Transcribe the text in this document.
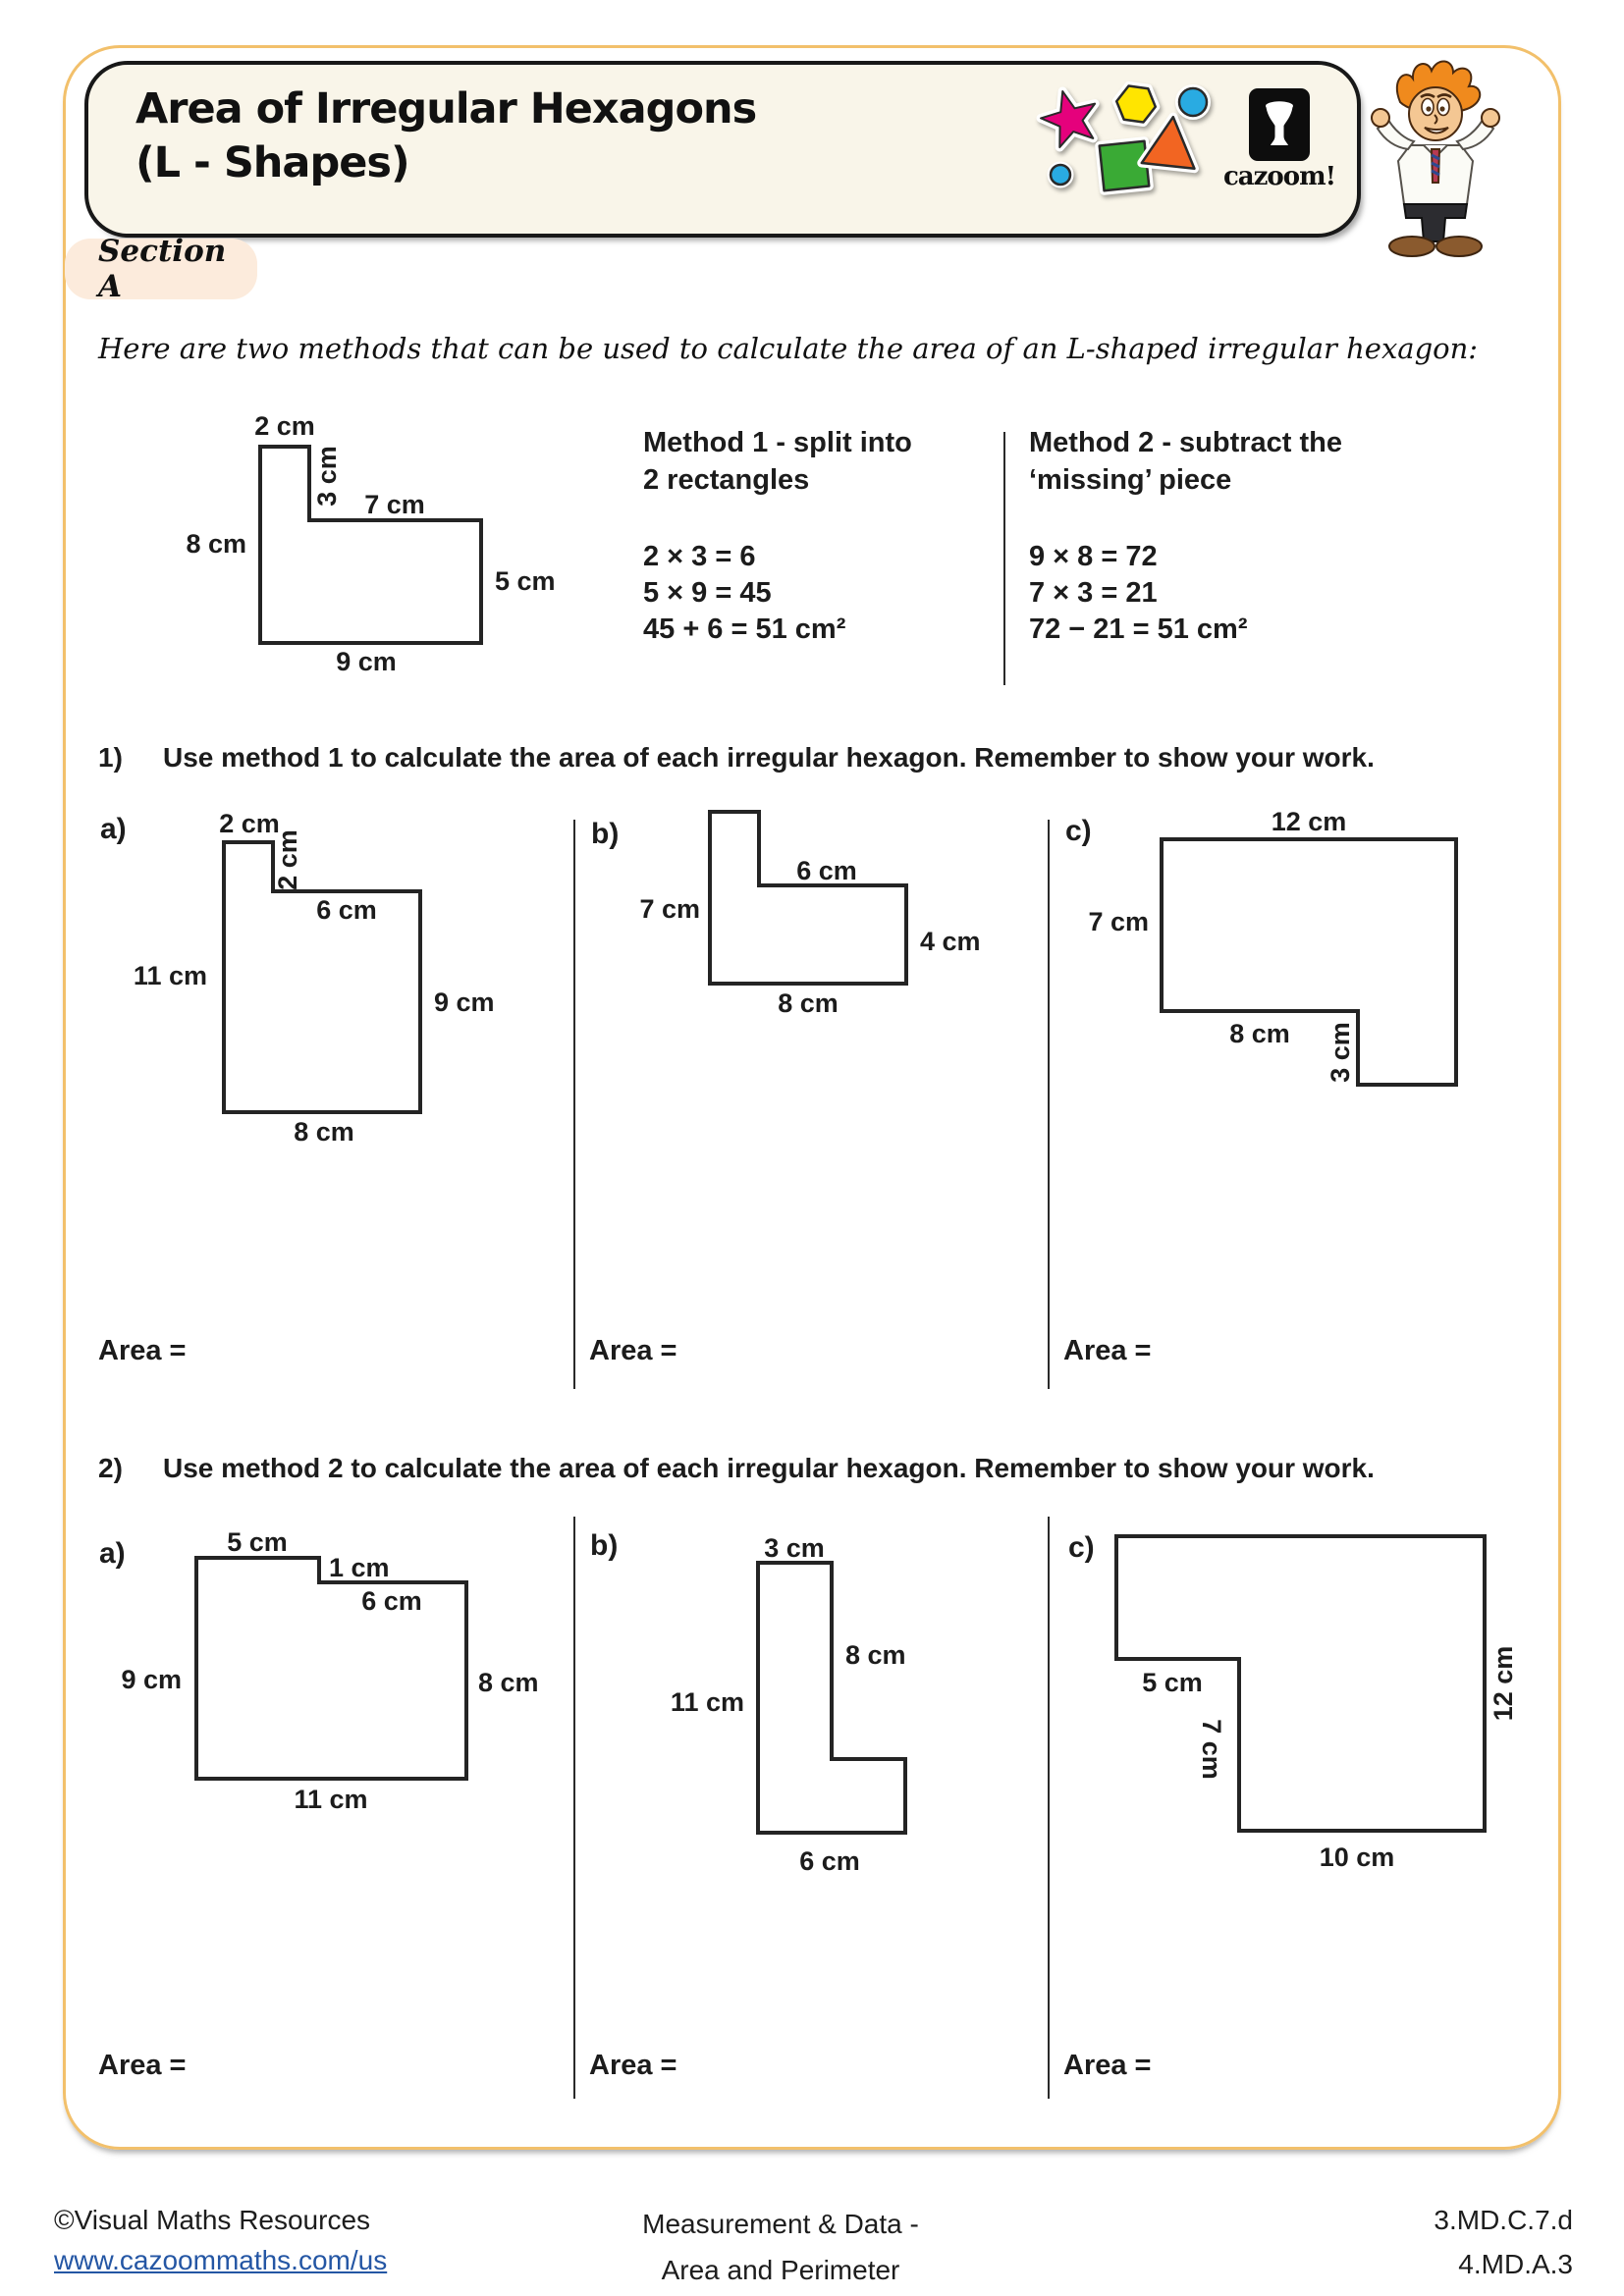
Area of Irregular Hexagons
(L - Shapes)	cazoom!
Section A
Here are two methods that can be used to calculate the area of an L-shaped irregular hexagon:
2 cm
3 cm 7 cm
8 cm
5 cm
9 cm
Method 1 - split into
2 rectangles
2 × 3 = 6
5 × 9 = 45
45 + 6 = 51 cm²
Method 2 - subtract the
‘missing’ piece
9 × 8 = 72
7 × 3 = 21
72 − 21 = 51 cm²
1) Use method 1 to calculate the area of each irregular hexagon. Remember to show your work.
a)	b)	c)
2 cm
2 cm
6 cm
11 cm
9 cm
8 cm
6 cm
7 cm
4 cm
8 cm
12 cm
7 cm
8 cm 3 cm
Area =	Area =	Area =
2) Use method 2 to calculate the area of each irregular hexagon. Remember to show your work.
a)	b)	c)
5 cm
1 cm
6 cm
9 cm	8 cm
11 cm
3 cm
8 cm
11 cm
6 cm
5 cm
7 cm
12 cm
10 cm
Area =	Area =	Area =
©Visual Maths Resources
www.cazoommaths.com/us
Measurement & Data -
Area and Perimeter
3.MD.C.7.d
4.MD.A.3
